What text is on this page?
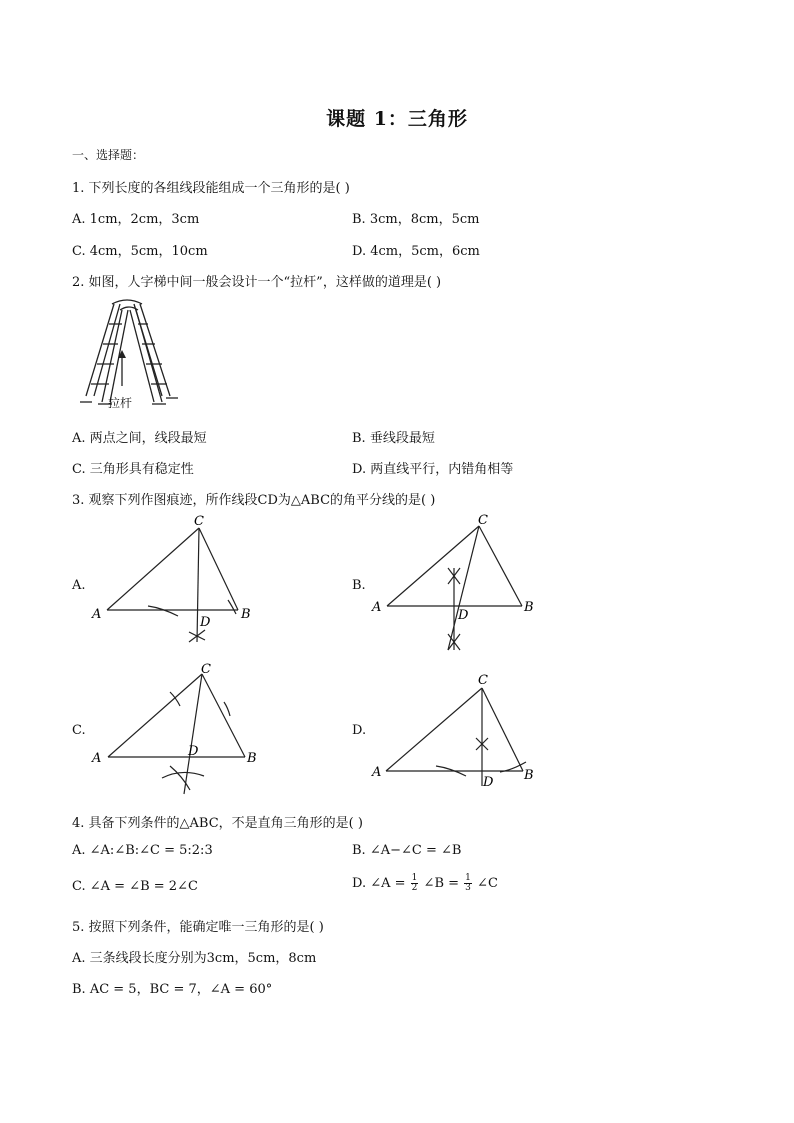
课题 1：三角形
一、选择题：
1. 下列长度的各组线段能组成一个三角形的是( )
A. 1cm，2cm，3cm	B. 3cm，8cm，5cm
C. 4cm，5cm，10cm	D. 4cm，5cm，6cm
2. 如图，人字梯中间一般会设计一个“拉杆”，这样做的道理是( )
拉杆
A. 两点之间，线段最短	B. 垂线段最短
C. 三角形具有稳定性	D. 两直线平行，内错角相等
3. 观察下列作图痕迹，所作线段CD为△ABC的角平分线的是( )
A.
C
A	B
D
B.
C
A	B
D
C.
C
A	B
D
D.
C
A	B
D
4. 具备下列条件的△ABC，不是直角三角形的是( )
A. ∠A:∠B:∠C = 5:2:3	B. ∠A−∠C = ∠B
C. ∠A = ∠B = 2∠C	D. ∠A = $\frac{1}{2}$ ∠B = $\frac{1}{3}$ ∠C
5. 按照下列条件，能确定唯一三角形的是( )
A. 三条线段长度分别为3cm，5cm，8cm
B. AC = 5，BC = 7，∠A = 60°
